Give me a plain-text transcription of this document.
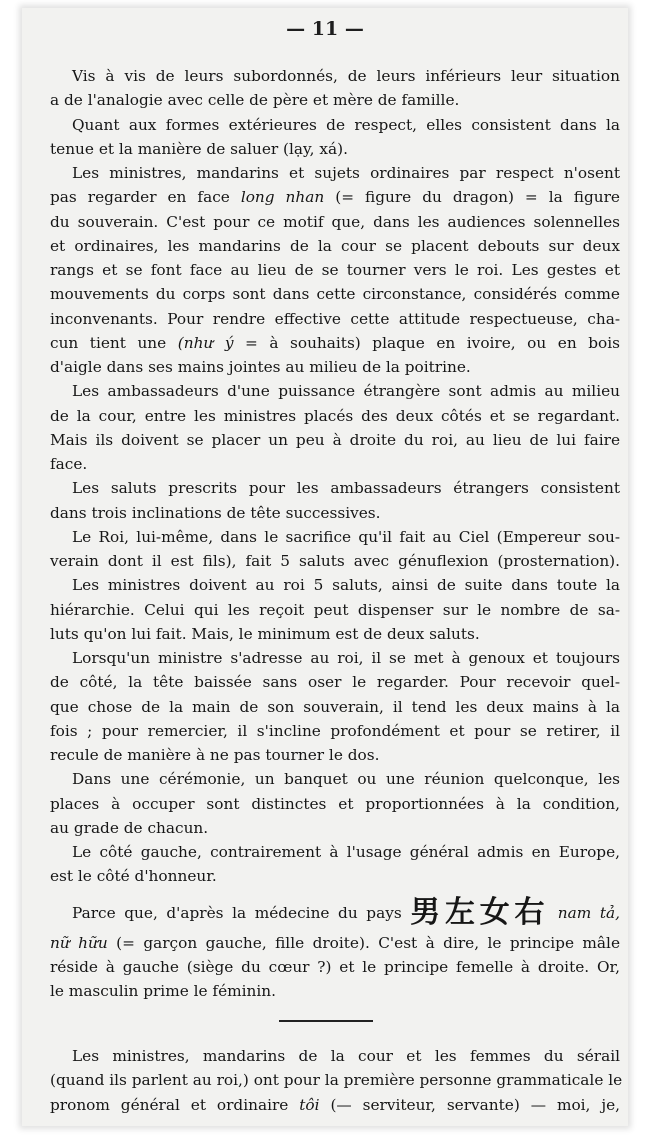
— 11 —

Vis à vis de leurs subordonnés, de leurs inférieurs leur situation
a de l'analogie avec celle de père et mère de famille.

Quant aux formes extérieures de respect, elles consistent dans la
tenue et la manière de saluer (lạy, xá).

Les ministres, mandarins et sujets ordinaires par respect n'osent
pas regarder en face long nhan (= figure du dragon) = la figure
du souverain. C'est pour ce motif que, dans les audiences solennelles
et ordinaires, les mandarins de la cour se placent debouts sur deux
rangs et se font face au lieu de se tourner vers le roi. Les gestes et
mouvements du corps sont dans cette circonstance, considérés comme
inconvenants. Pour rendre effective cette attitude respectueuse, cha-
cun tient une (như ý = à souhaits) plaque en ivoire, ou en bois
d'aigle dans ses mains jointes au milieu de la poitrine.

Les ambassadeurs d'une puissance étrangère sont admis au milieu
de la cour, entre les ministres placés des deux côtés et se regardant.
Mais ils doivent se placer un peu à droite du roi, au lieu de lui faire
face.

Les saluts prescrits pour les ambassadeurs étrangers consistent
dans trois inclinations de tête successives.

Le Roi, lui-même, dans le sacrifice qu'il fait au Ciel (Empereur sou-
verain dont il est fils), fait 5 saluts avec génuflexion (prosternation).

Les ministres doivent au roi 5 saluts, ainsi de suite dans toute la
hiérarchie. Celui qui les reçoit peut dispenser sur le nombre de sa-
luts qu'on lui fait. Mais, le minimum est de deux saluts.

Lorsqu'un ministre s'adresse au roi, il se met à genoux et toujours
de côté, la tête baissée sans oser le regarder. Pour recevoir quel-
que chose de la main de son souverain, il tend les deux mains à la
fois ; pour remercier, il s'incline profondément et pour se retirer, il
recule de manière à ne pas tourner le dos.

Dans une cérémonie, un banquet ou une réunion quelconque, les
places à occuper sont distinctes et proportionnées à la condition,
au grade de chacun.

Le côté gauche, contrairement à l'usage général admis en Europe,
est le côté d'honneur.

Parce que, d'après la médecine du pays 男左女右 nam tả,
nữ hữu (= garçon gauche, fille droite). C'est à dire, le principe mâle
réside à gauche (siège du cœur ?) et le principe femelle à droite. Or,
le masculin prime le féminin.

Les ministres, mandarins de la cour et les femmes du sérail
(quand ils parlent au roi,) ont pour la première personne grammaticale le
pronom général et ordinaire tôi (— serviteur, servante) — moi, je,
